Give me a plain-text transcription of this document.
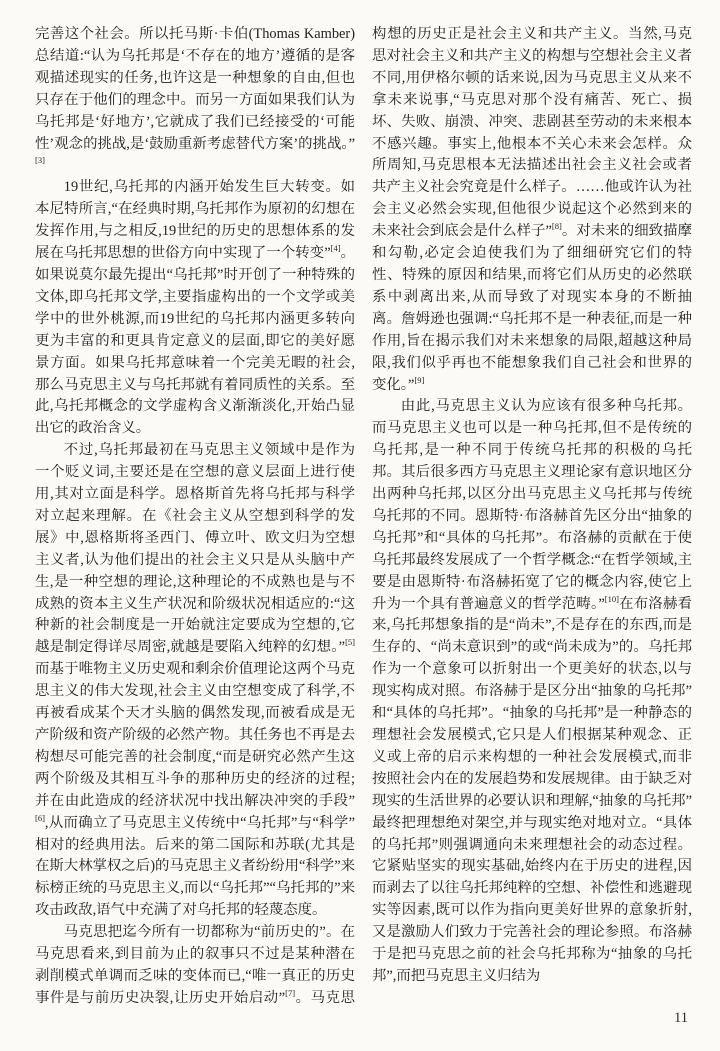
完善这个社会。所以托马斯·卡伯(Thomas Kamber)总结道:“认为乌托邦是‘不存在的地方’遵循的是客观描述现实的任务,也许这是一种想象的自由,但也只存在于他们的理念中。而另一方面如果我们认为乌托邦是‘好地方’,它就成了我们已经接受的‘可能性’观念的挑战,是‘鼓励重新考虑替代方案’的挑战。”[3]

19世纪,乌托邦的内涵开始发生巨大转变。如本尼特所言,“在经典时期,乌托邦作为原初的幻想在发挥作用,与之相反,19世纪的历史的思想体系的发展在乌托邦思想的世俗方向中实现了一个转变”[4]。如果说莫尔最先提出“乌托邦”时开创了一种特殊的文体,即乌托邦文学,主要指虚构出的一个文学或美学中的世外桃源,而19世纪的乌托邦内涵更多转向更为丰富的和更具肯定意义的层面,即它的美好愿景方面。如果乌托邦意味着一个完美无暇的社会,那么马克思主义与乌托邦就有着同质性的关系。至此,乌托邦概念的文学虚构含义渐渐淡化,开始凸显出它的政治含义。

不过,乌托邦最初在马克思主义领域中是作为一个贬义词,主要还是在空想的意义层面上进行使用,其对立面是科学。恩格斯首先将乌托邦与科学对立起来理解。在《社会主义从空想到科学的发展》中,恩格斯将圣西门、傅立叶、欧文归为空想主义者,认为他们提出的社会主义只是从头脑中产生,是一种空想的理论,这种理论的不成熟也是与不成熟的资本主义生产状况和阶级状况相适应的:“这种新的社会制度是一开始就注定要成为空想的,它越是制定得详尽周密,就越是要陷入纯粹的幻想。”[5]而基于唯物主义历史观和剩余价值理论这两个马克思主义的伟大发现,社会主义由空想变成了科学,不再被看成某个天才头脑的偶然发现,而被看成是无产阶级和资产阶级的必然产物。其任务也不再是去构想尽可能完善的社会制度,“而是研究必然产生这两个阶级及其相互斗争的那种历史的经济的过程;并在由此造成的经济状况中找出解决冲突的手段”[6],从而确立了马克思主义传统中“乌托邦”与“科学”相对的经典用法。后来的第二国际和苏联(尤其是在斯大林掌权之后)的马克思主义者纷纷用“科学”来标榜正统的马克思主义,而以“乌托邦”“乌托邦的”来攻击政敌,语气中充满了对乌托邦的轻蔑态度。

马克思把迄今所有一切都称为“前历史的”。在马克思看来,到目前为止的叙事只不过是某种潜在剥削模式单调而乏味的变体而已,“唯一真正的历史事件是与前历史决裂,让历史开始启动”[7]。马克思构想的历史正是社会主义和共产主义。当然,马克思对社会主义和共产主义的构想与空想社会主义者不同,用伊格尔顿的话来说,因为马克思主义从来不拿未来说事,“马克思对那个没有痛苦、死亡、损坏、失败、崩溃、冲突、悲剧甚至劳动的未来根本不感兴趣。事实上,他根本不关心未来会怎样。众所周知,马克思根本无法描述出社会主义社会或者共产主义社会究竟是什么样子。……他或许认为社会主义必然会实现,但他很少说起这个必然到来的未来社会到底会是什么样子”[8]。对未来的细致描摩和勾勒,必定会迫使我们为了细细研究它们的特性、特殊的原因和结果,而将它们从历史的必然联系中剥离出来,从而导致了对现实本身的不断抽离。詹姆逊也强调:“乌托邦不是一种表征,而是一种作用,旨在揭示我们对未来想象的局限,超越这种局限,我们似乎再也不能想象我们自己社会和世界的变化。”[9]

由此,马克思主义认为应该有很多种乌托邦。而马克思主义也可以是一种乌托邦,但不是传统的乌托邦,是一种不同于传统乌托邦的积极的乌托邦。其后很多西方马克思主义理论家有意识地区分出两种乌托邦,以区分出马克思主义乌托邦与传统乌托邦的不同。恩斯特·布洛赫首先区分出“抽象的乌托邦”和“具体的乌托邦”。布洛赫的贡献在于使乌托邦最终发展成了一个哲学概念:“在哲学领域,主要是由恩斯特·布洛赫拓宽了它的概念内容,使它上升为一个具有普遍意义的哲学范畴。”[10]在布洛赫看来,乌托邦想象指的是“尚未”,不是存在的东西,而是生存的、“尚未意识到”的或“尚未成为”的。乌托邦作为一个意象可以折射出一个更美好的状态,以与现实构成对照。布洛赫于是区分出“抽象的乌托邦”和“具体的乌托邦”。“抽象的乌托邦”是一种静态的理想社会发展模式,它只是人们根据某种观念、正义或上帝的启示来构想的一种社会发展模式,而非按照社会内在的发展趋势和发展规律。由于缺乏对现实的生活世界的必要认识和理解,“抽象的乌托邦”最终把理想绝对架空,并与现实绝对地对立。“具体的乌托邦”则强调通向未来理想社会的动态过程。它紧贴坚实的现实基础,始终内在于历史的进程,因而剥去了以往乌托邦纯粹的空想、补偿性和逃避现实等因素,既可以作为指向更美好世界的意象折射,又是激励人们致力于完善社会的理论参照。布洛赫于是把马克思之前的社会乌托邦称为“抽象的乌托邦”,而把马克思主义归结为

11
